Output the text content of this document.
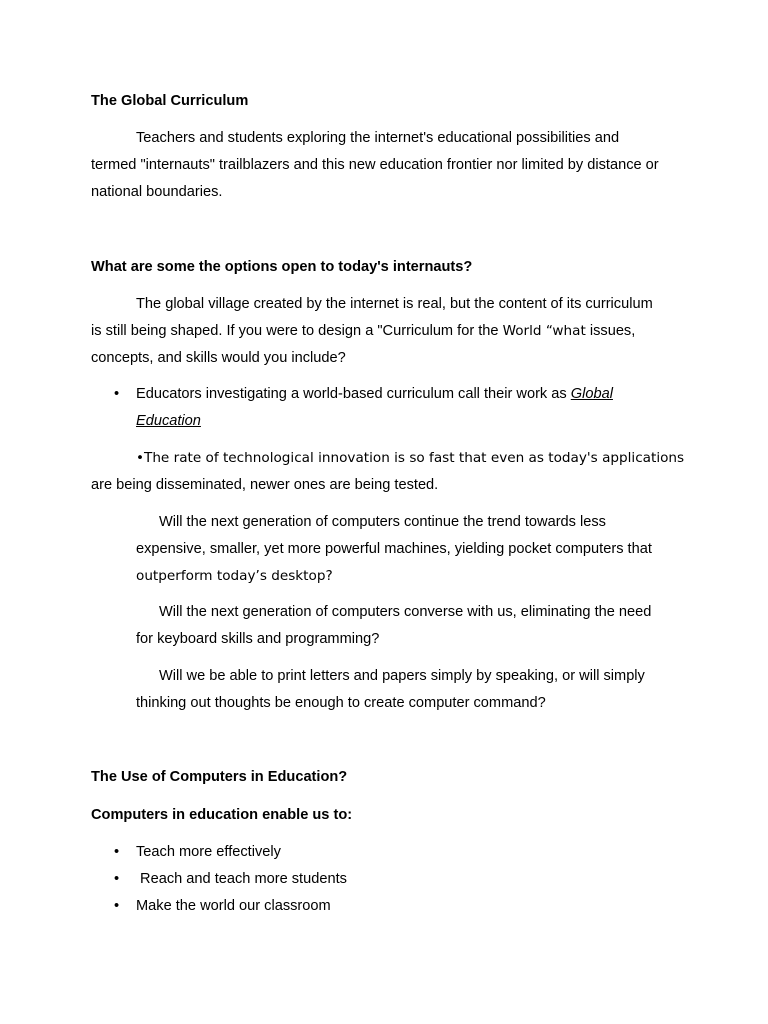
The Global Curriculum
Teachers and students exploring the internet's educational possibilities and
termed "internauts" trailblazers and this new education frontier nor limited by distance or
national boundaries.
What are some the options open to today's internauts?
The global village created by the internet is real, but the content of its curriculum
is still being shaped. If you were to design a "Curriculum for the World “what issues,
concepts, and skills would you include?
• Educators investigating a world-based curriculum call their work as Global
Education
•The rate of technological innovation is so fast that even as today's applications
are being disseminated, newer ones are being tested.
Will the next generation of computers continue the trend towards less
expensive, smaller, yet more powerful machines, yielding pocket computers that
outperform today’s desktop?
Will the next generation of computers converse with us, eliminating the need
for keyboard skills and programming?
Will we be able to print letters and papers simply by speaking, or will simply
thinking out thoughts be enough to create computer command?
The Use of Computers in Education?
Computers in education enable us to:
• Teach more effectively
• Reach and teach more students
• Make the world our classroom
